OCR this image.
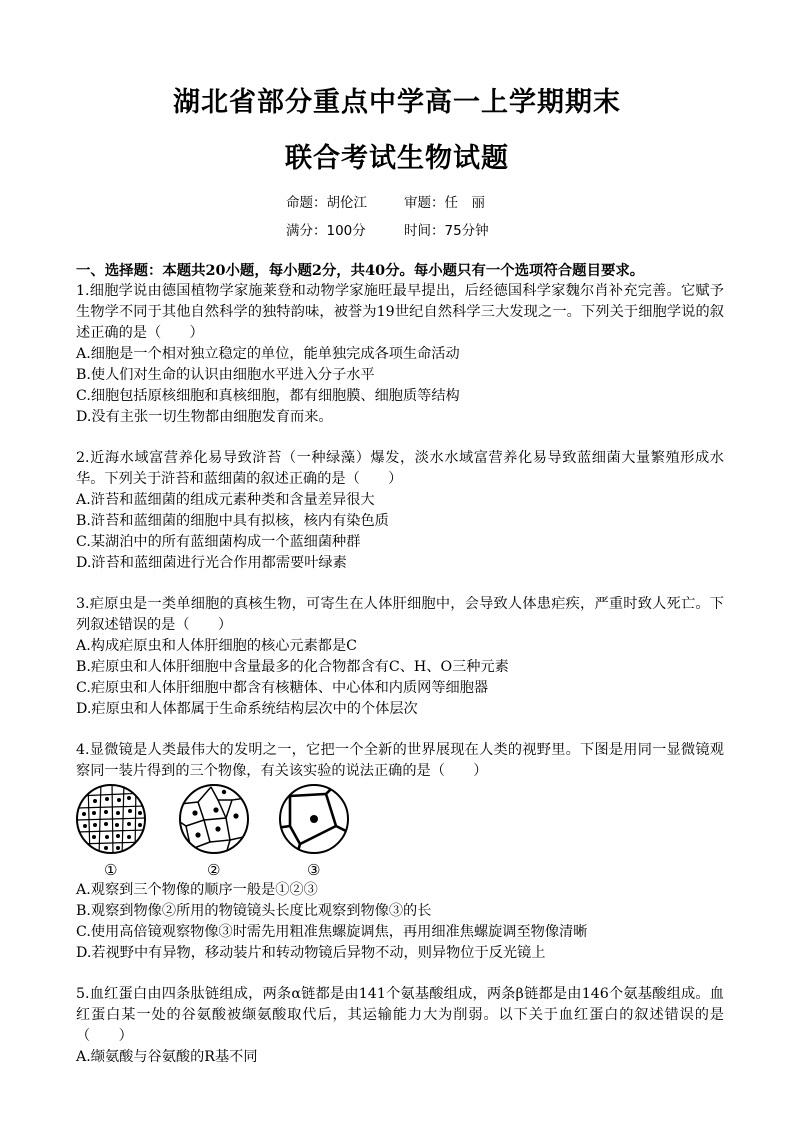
湖北省部分重点中学高一上学期期末
联合考试生物试题
命题：胡伦江	审题：任　丽
满分：100分	时间：75分钟
一、选择题：本题共20小题，每小题2分，共40分。每小题只有一个选项符合题目要求。
1.细胞学说由德国植物学家施莱登和动物学家施旺最早提出，后经德国科学家魏尔肖补充完善。它赋予生物学不同于其他自然科学的独特韵味，被誉为19世纪自然科学三大发现之一。下列关于细胞学说的叙述正确的是（　　）
A.细胞是一个相对独立稳定的单位，能单独完成各项生命活动
B.使人们对生命的认识由细胞水平进入分子水平
C.细胞包括原核细胞和真核细胞，都有细胞膜、细胞质等结构
D.没有主张一切生物都由细胞发育而来。
2.近海水域富营养化易导致浒苔（一种绿藻）爆发，淡水水域富营养化易导致蓝细菌大量繁殖形成水华。下列关于浒苔和蓝细菌的叙述正确的是（　　）
A.浒苔和蓝细菌的组成元素种类和含量差异很大
B.浒苔和蓝细菌的细胞中具有拟核，核内有染色质
C.某湖泊中的所有蓝细菌构成一个蓝细菌种群
D.浒苔和蓝细菌进行光合作用都需要叶绿素
3.疟原虫是一类单细胞的真核生物，可寄生在人体肝细胞中，会导致人体患疟疾，严重时致人死亡。下列叙述错误的是（　　）
A.构成疟原虫和人体肝细胞的核心元素都是C
B.疟原虫和人体肝细胞中含量最多的化合物都含有C、H、O三种元素
C.疟原虫和人体肝细胞中都含有核糖体、中心体和内质网等细胞器
D.疟原虫和人体都属于生命系统结构层次中的个体层次
4.显微镜是人类最伟大的发明之一，它把一个全新的世界展现在人类的视野里。下图是用同一显微镜观察同一装片得到的三个物像，有关该实验的说法正确的是（　　）
①	②	③
A.观察到三个物像的顺序一般是①②③
B.观察到物像②所用的物镜镜头长度比观察到物像③的长
C.使用高倍镜观察物像③时需先用粗准焦螺旋调焦，再用细准焦螺旋调至物像清晰
D.若视野中有异物，移动装片和转动物镜后异物不动，则异物位于反光镜上
5.血红蛋白由四条肽链组成，两条α链都是由141个氨基酸组成，两条β链都是由146个氨基酸组成。血红蛋白某一处的谷氨酸被缬氨酸取代后，其运输能力大为削弱。以下关于血红蛋白的叙述错误的是（　　）
A.缬氨酸与谷氨酸的R基不同
